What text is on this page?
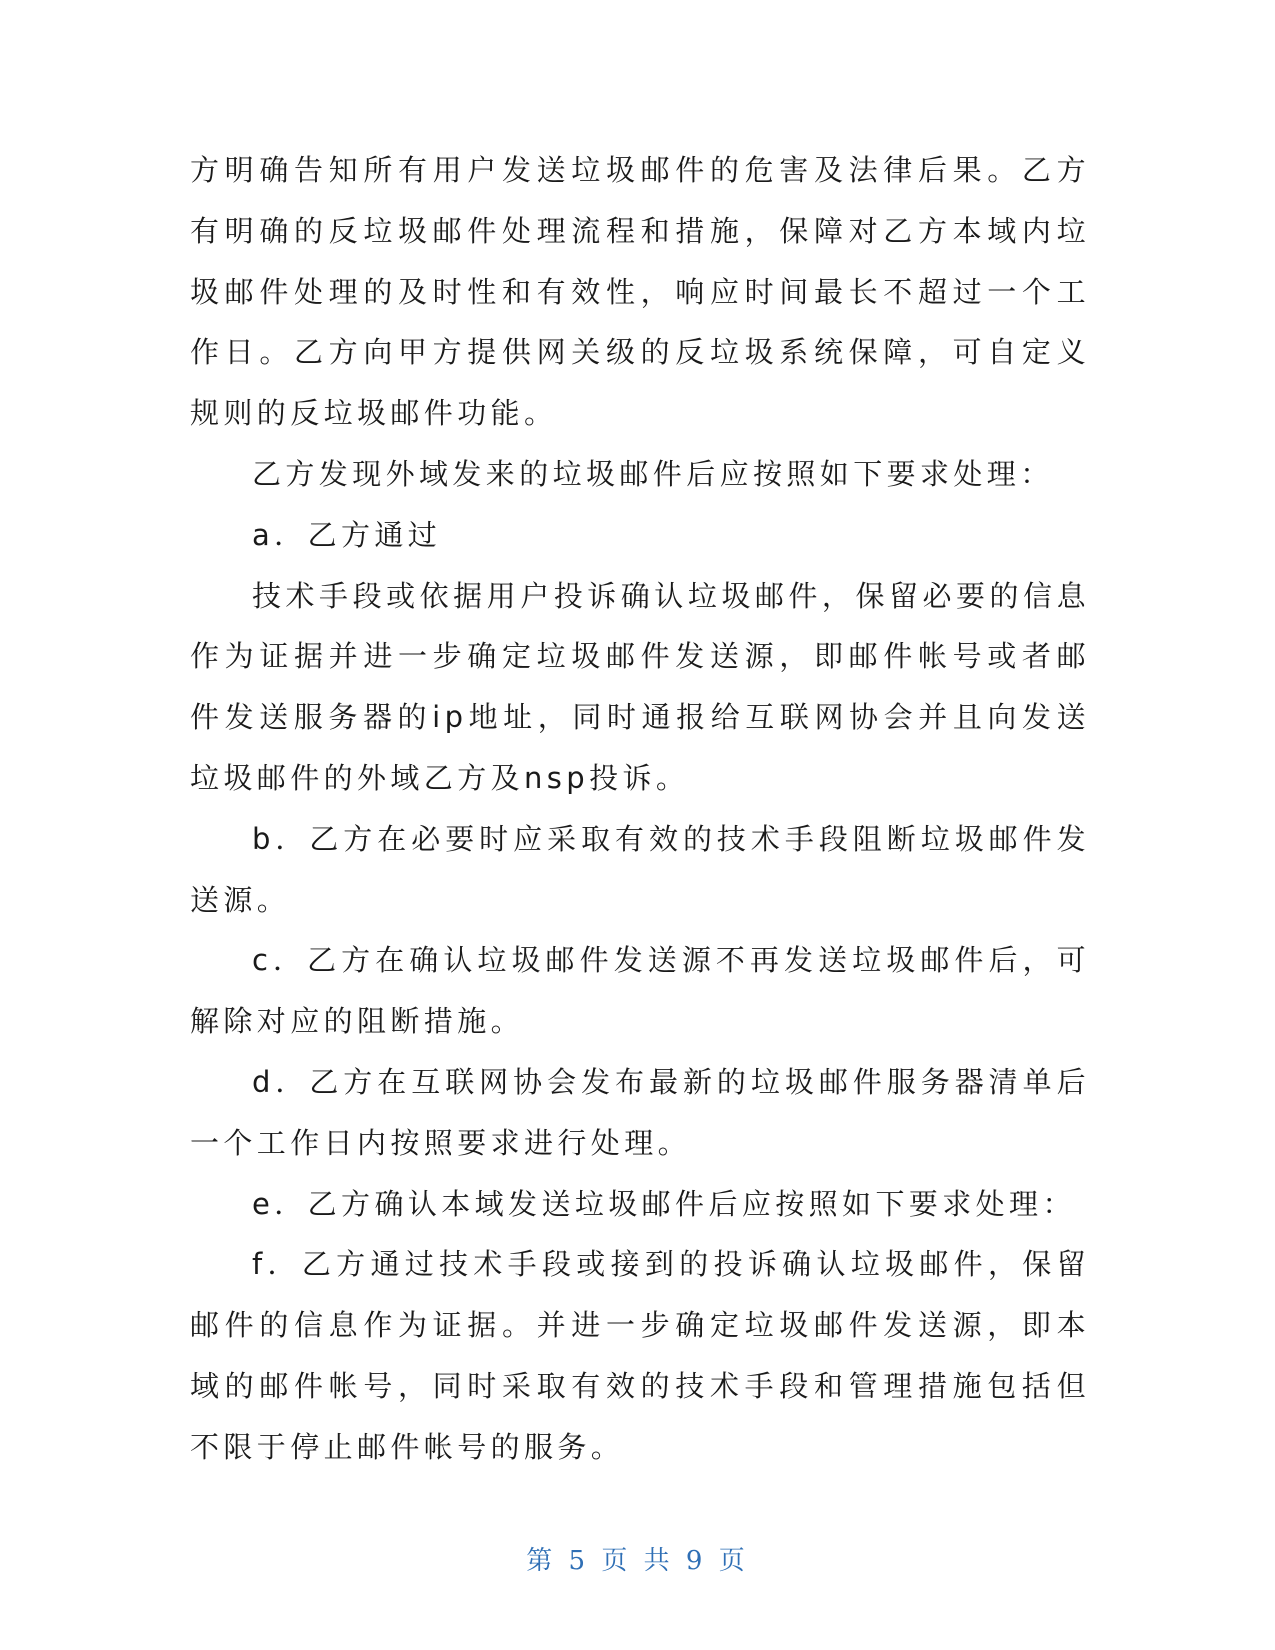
方明确告知所有用户发送垃圾邮件的危害及法律后果。乙方有明确的反垃圾邮件处理流程和措施，保障对乙方本域内垃圾邮件处理的及时性和有效性，响应时间最长不超过一个工作日。乙方向甲方提供网关级的反垃圾系统保障，可自定义规则的反垃圾邮件功能。

乙方发现外域发来的垃圾邮件后应按照如下要求处理：

a．乙方通过

技术手段或依据用户投诉确认垃圾邮件，保留必要的信息作为证据并进一步确定垃圾邮件发送源，即邮件帐号或者邮件发送服务器的ip地址，同时通报给互联网协会并且向发送垃圾邮件的外域乙方及nsp投诉。

b．乙方在必要时应采取有效的技术手段阻断垃圾邮件发送源。

c．乙方在确认垃圾邮件发送源不再发送垃圾邮件后，可解除对应的阻断措施。

d．乙方在互联网协会发布最新的垃圾邮件服务器清单后一个工作日内按照要求进行处理。

e．乙方确认本域发送垃圾邮件后应按照如下要求处理：

f．乙方通过技术手段或接到的投诉确认垃圾邮件，保留邮件的信息作为证据。并进一步确定垃圾邮件发送源，即本域的邮件帐号，同时采取有效的技术手段和管理措施包括但不限于停止邮件帐号的服务。

第 5 页 共 9 页
